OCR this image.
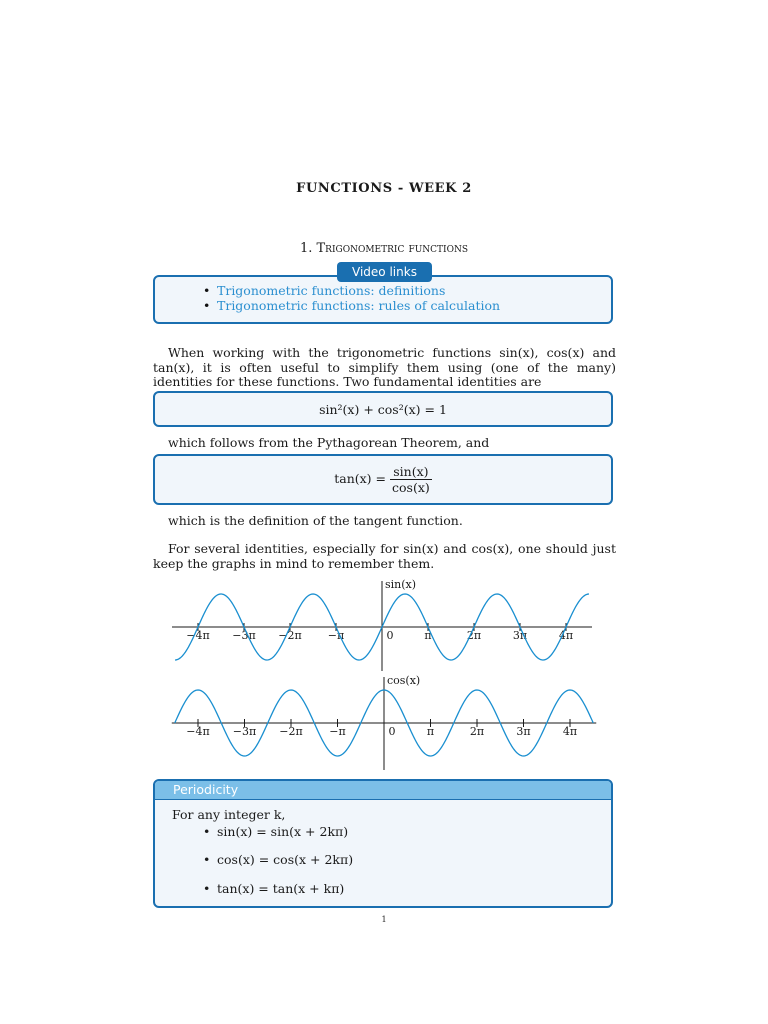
FUNCTIONS - WEEK 2
1. Trigonometric functions
Video links
• Trigonometric functions: definitions
• Trigonometric functions: rules of calculation
When working with the trigonometric functions sin(x), cos(x) and tan(x), it is often useful to simplify them using (one of the many) identities for these functions. Two fundamental identities are
sin²(x) + cos²(x) = 1
which follows from the Pythagorean Theorem, and
$\tan(x) = \frac{\sin(x)}{\cos(x)}$
which is the definition of the tangent function.
For several identities, especially for sin(x) and cos(x), one should just keep the graphs in mind to remember them.
−4π −3π −2π −π	0	π	2π	3π	4π
sin(x)
−4π −3π −2π −π	0	π	2π	3π	4π
cos(x)
Periodicity
For any integer k,
• sin(x) = sin(x + 2kπ)
• cos(x) = cos(x + 2kπ)
• tan(x) = tan(x + kπ)
1
